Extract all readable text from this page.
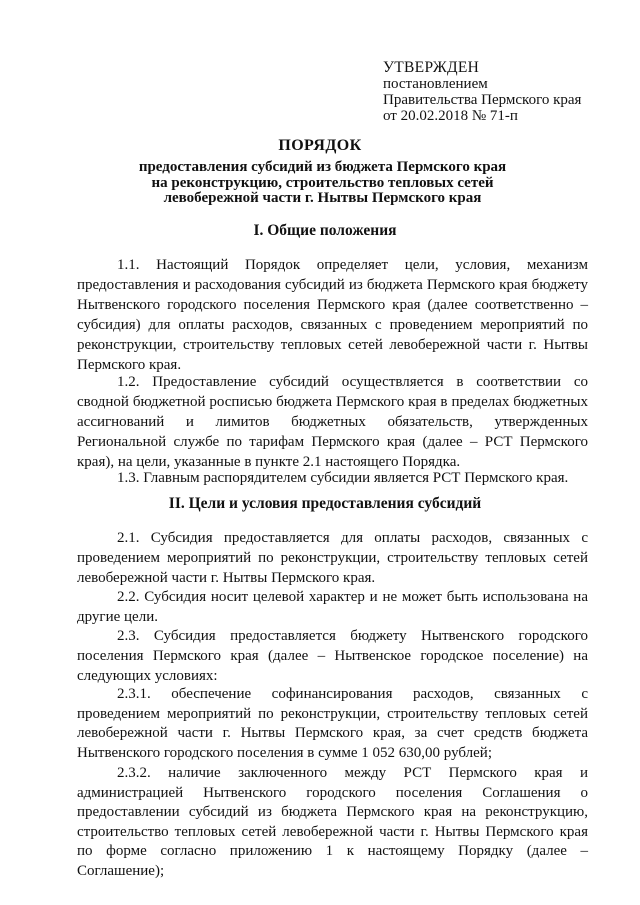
УТВЕРЖДЕН
постановлением
Правительства Пермского края
от 20.02.2018 № 71-п
ПОРЯДОК
предоставления субсидий из бюджета Пермского края
на реконструкцию, строительство тепловых сетей
левобережной части г. Нытвы Пермского края
I. Общие положения
1.1. Настоящий Порядок определяет цели, условия, механизм предоставления и расходования субсидий из бюджета Пермского края бюджету Нытвенского городского поселения Пермского края (далее соответственно – субсидия) для оплаты расходов, связанных с проведением мероприятий по реконструкции, строительству тепловых сетей левобережной части г. Нытвы Пермского края.
1.2. Предоставление субсидий осуществляется в соответствии со сводной бюджетной росписью бюджета Пермского края в пределах бюджетных ассигнований и лимитов бюджетных обязательств, утвержденных Региональной службе по тарифам Пермского края (далее – РСТ Пермского края), на цели, указанные в пункте 2.1 настоящего Порядка.
1.3. Главным распорядителем субсидии является РСТ Пермского края.
II. Цели и условия предоставления субсидий
2.1. Субсидия предоставляется для оплаты расходов, связанных с проведением мероприятий по реконструкции, строительству тепловых сетей левобережной части г. Нытвы Пермского края.
2.2. Субсидия носит целевой характер и не может быть использована на другие цели.
2.3. Субсидия предоставляется бюджету Нытвенского городского поселения Пермского края (далее – Нытвенское городское поселение) на следующих условиях:
2.3.1. обеспечение софинансирования расходов, связанных с проведением мероприятий по реконструкции, строительству тепловых сетей левобережной части г. Нытвы Пермского края, за счет средств бюджета Нытвенского городского поселения в сумме 1 052 630,00 рублей;
2.3.2. наличие заключенного между РСТ Пермского края и администрацией Нытвенского городского поселения Соглашения о предоставлении субсидий из бюджета Пермского края на реконструкцию, строительство тепловых сетей левобережной части г. Нытвы Пермского края по форме согласно приложению 1 к настоящему Порядку (далее – Соглашение);
